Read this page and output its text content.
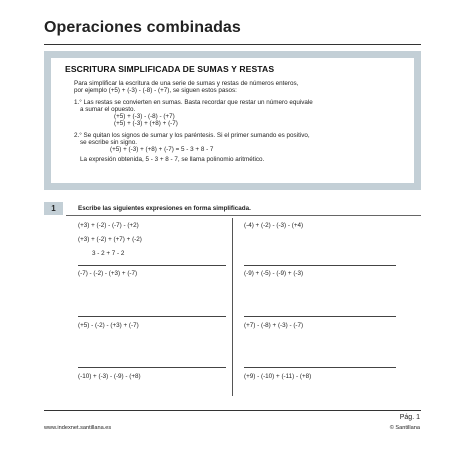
Operaciones combinadas
ESCRITURA SIMPLIFICADA DE SUMAS Y RESTAS
Para simplificar la escritura de una serie de sumas y restas de números enteros,
por ejemplo (+5) + (-3) - (-8) - (+7), se siguen estos pasos:
1.° Las restas se convierten en sumas. Basta recordar que restar un número equivale
a sumar el opuesto.
(+5) + (-3) - (-8) - (+7)
(+5) + (-3) + (+8) + (-7)
2.° Se quitan los signos de sumar y los paréntesis. Si el primer sumando es positivo,
se escribe sin signo.
(+5) + (-3) + (+8) + (-7) = 5 - 3 + 8 - 7
La expresión obtenida, 5 - 3 + 8 - 7, se llama polinomio aritmético.
1	Escribe las siguientes expresiones en forma simplificada.
(+3) + (-2) - (-7) - (+2)
(+3) + (-2) + (+7) + (-2)
3 - 2 + 7 - 2
(-7) - (-2) - (+3) + (-7)
(+5) - (-2) - (+3) + (-7)
(-10) + (-3) - (-9) - (+8)
(-4) + (-2) - (-3) - (+4)
(-9) + (-5) - (-9) + (-3)
(+7) - (-8) + (-3) - (-7)
(+9) - (-10) + (-11) - (+8)
Pág. 1
www.indexnet.santillana.es	© Santillana
